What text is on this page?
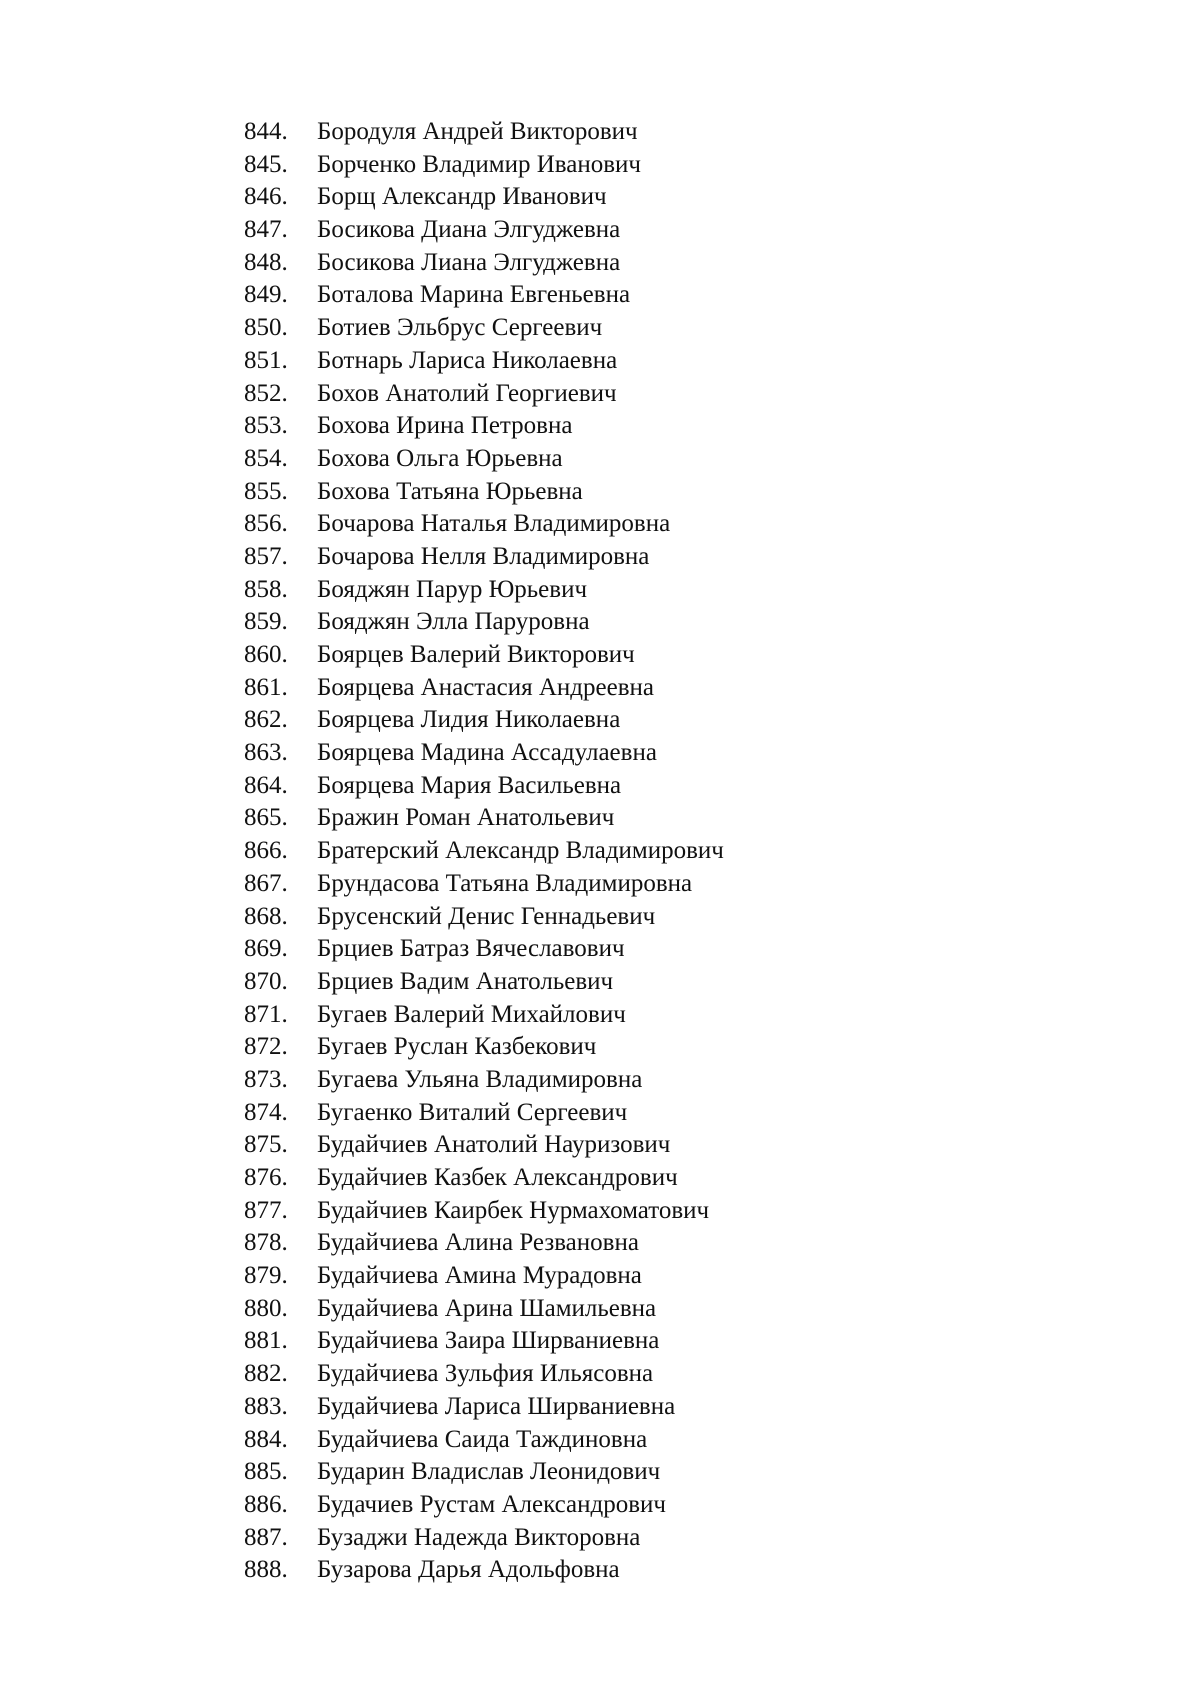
844.	Бородуля Андрей Викторович
845.	Борченко Владимир Иванович
846.	Борщ Александр Иванович
847.	Босикова Диана Элгуджевна
848.	Босикова Лиана Элгуджевна
849.	Боталова Марина Евгеньевна
850.	Ботиев Эльбрус Сергеевич
851.	Ботнарь Лариса Николаевна
852.	Бохов Анатолий Георгиевич
853.	Бохова Ирина Петровна
854.	Бохова Ольга Юрьевна
855.	Бохова Татьяна Юрьевна
856.	Бочарова Наталья Владимировна
857.	Бочарова Нелля Владимировна
858.	Бояджян Парур Юрьевич
859.	Бояджян Элла Паруровна
860.	Боярцев Валерий Викторович
861.	Боярцева Анастасия Андреевна
862.	Боярцева Лидия Николаевна
863.	Боярцева Мадина Ассадулаевна
864.	Боярцева Мария Васильевна
865.	Бражин Роман Анатольевич
866.	Братерский Александр Владимирович
867.	Брундасова Татьяна Владимировна
868.	Брусенский Денис Геннадьевич
869.	Брциев Батраз Вячеславович
870.	Брциев Вадим Анатольевич
871.	Бугаев Валерий Михайлович
872.	Бугаев Руслан Казбекович
873.	Бугаева Ульяна Владимировна
874.	Бугаенко Виталий Сергеевич
875.	Будайчиев Анатолий Науризович
876.	Будайчиев Казбек Александрович
877.	Будайчиев Каирбек Нурмахоматович
878.	Будайчиева Алина Резвановна
879.	Будайчиева Амина Мурадовна
880.	Будайчиева Арина Шамильевна
881.	Будайчиева Заира Ширваниевна
882.	Будайчиева Зульфия Ильясовна
883.	Будайчиева Лариса Ширваниевна
884.	Будайчиева Саида Таждиновна
885.	Бударин Владислав Леонидович
886.	Будачиев Рустам Александрович
887.	Бузаджи Надежда Викторовна
888.	Бузарова Дарья Адольфовна
